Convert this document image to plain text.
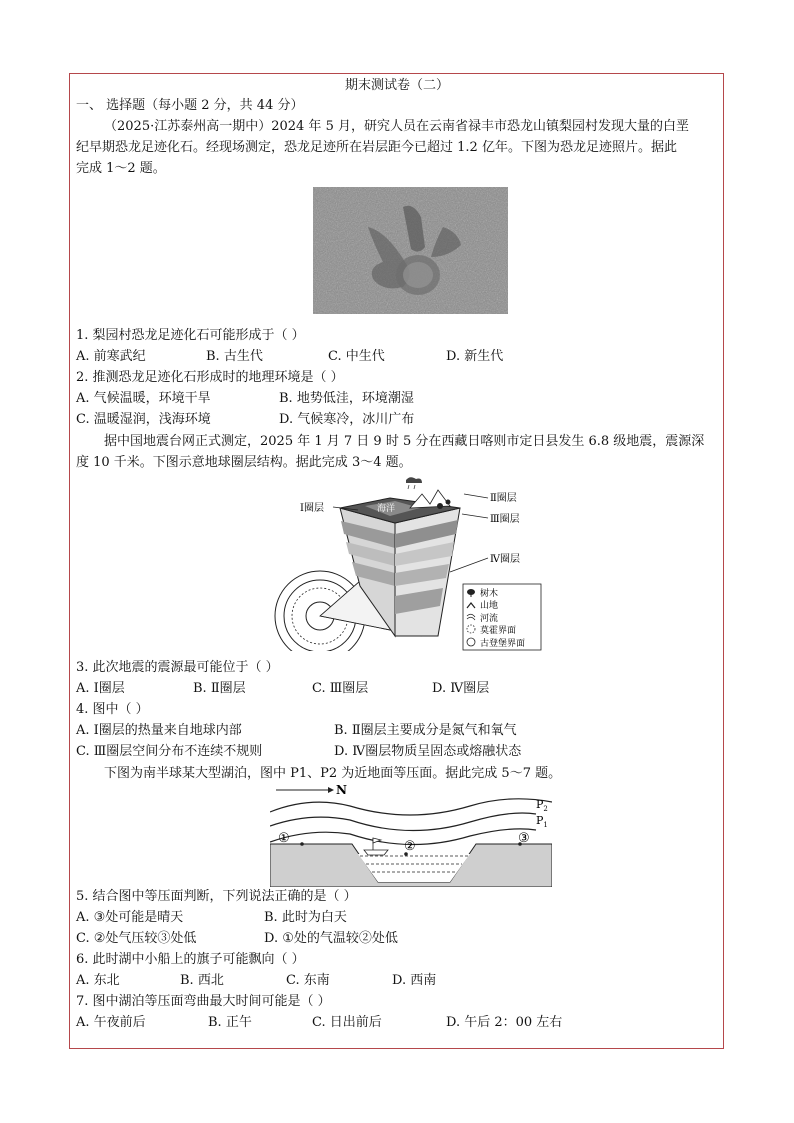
期末测试卷（二）
一、 选择题（每小题 2 分，共 44 分）
（2025·江苏泰州高一期中）2024 年 5 月，研究人员在云南省禄丰市恐龙山镇梨园村发现大量的白垩
纪早期恐龙足迹化石。经现场测定，恐龙足迹所在岩层距今已超过 1.2 亿年。下图为恐龙足迹照片。据此
完成 1～2 题。
1. 梨园村恐龙足迹化石可能形成于（ ）
A. 前寒武纪	B. 古生代	C. 中生代	D. 新生代
2. 推测恐龙足迹化石形成时的地理环境是（ ）
A. 气候温暖，环境干旱	B. 地势低洼，环境潮湿
C. 温暖湿润，浅海环境	D. 气候寒冷，冰川广布
据中国地震台网正式测定，2025 年 1 月 7 日 9 时 5 分在西藏日喀则市定日县发生 6.8 级地震，震源深
度 10 千米。下图示意地球圈层结构。据此完成 3～4 题。
海洋
Ⅰ圈层
Ⅱ圈层
Ⅲ圈层
Ⅳ圈层
树木
山地
河流
莫霍界面
古登堡界面
3. 此次地震的震源最可能位于（ ）
A. Ⅰ圈层	B. Ⅱ圈层	C. Ⅲ圈层	D. Ⅳ圈层
4. 图中（ ）
A. Ⅰ圈层的热量来自地球内部	B. Ⅱ圈层主要成分是氮气和氧气
C. Ⅲ圈层空间分布不连续不规则	D. Ⅳ圈层物质呈固态或熔融状态
下图为南半球某大型湖泊，图中 P1、P2 为近地面等压面。据此完成 5～7 题。
N
$P_2$
$P_1$
①
②
③
5. 结合图中等压面判断，下列说法正确的是（ ）
A. ③处可能是晴天	B. 此时为白天
C. ②处气压较③处低	D. ①处的气温较②处低
6. 此时湖中小船上的旗子可能飘向（ ）
A. 东北	B. 西北	C. 东南	D. 西南
7. 图中湖泊等压面弯曲最大时间可能是（ ）
A. 午夜前后	B. 正午	C. 日出前后	D. 午后 2：00 左右
